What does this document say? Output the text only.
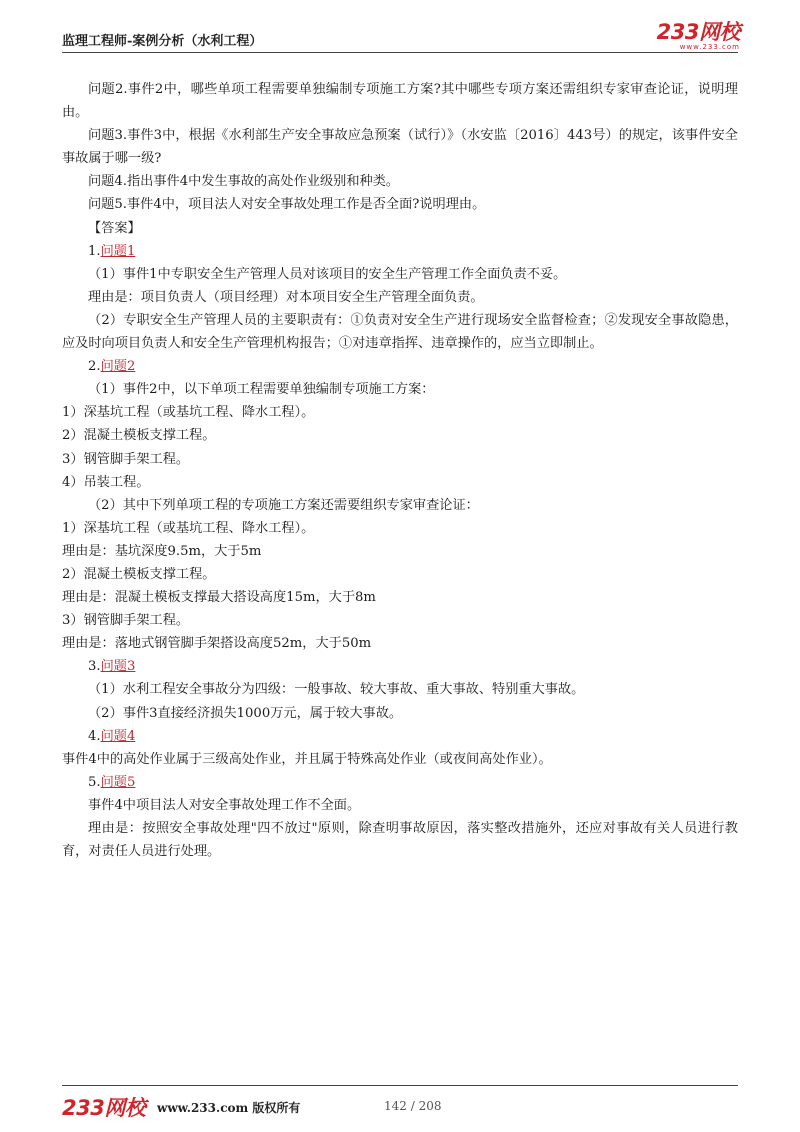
监理工程师-案例分析（水利工程）	233网校
www.233.com

问题2.事件2中，哪些单项工程需要单独编制专项施工方案?其中哪些专项方案还需组织专家审查论证，说明理由。

问题3.事件3中，根据《水利部生产安全事故应急预案（试行）》（水安监〔2016〕443号）的规定，该事件安全事故属于哪一级?

问题4.指出事件4中发生事故的高处作业级别和种类。

问题5.事件4中，项目法人对安全事故处理工作是否全面?说明理由。

【答案】

1.问题1

（1）事件1中专职安全生产管理人员对该项目的安全生产管理工作全面负责不妥。

理由是：项目负责人（项目经理）对本项目安全生产管理全面负责。

（2）专职安全生产管理人员的主要职责有：①负责对安全生产进行现场安全监督检查；②发现安全事故隐患，应及时向项目负责人和安全生产管理机构报告；①对违章指挥、违章操作的，应当立即制止。

2.问题2

（1）事件2中，以下单项工程需要单独编制专项施工方案：

1）深基坑工程（或基坑工程、降水工程）。

2）混凝土模板支撑工程。

3）钢管脚手架工程。

4）吊装工程。

（2）其中下列单项工程的专项施工方案还需要组织专家审查论证：

1）深基坑工程（或基坑工程、降水工程）。

理由是：基坑深度9.5m，大于5m

2）混凝土模板支撑工程。

理由是：混凝土模板支撑最大搭设高度15m，大于8m

3）钢管脚手架工程。

理由是：落地式钢管脚手架搭设高度52m，大于50m

3.问题3

（1）水利工程安全事故分为四级：一般事故、较大事故、重大事故、特别重大事故。

（2）事件3直接经济损失1000万元，属于较大事故。

4.问题4

事件4中的高处作业属于三级高处作业，并且属于特殊高处作业（或夜间高处作业）。

5.问题5

事件4中项目法人对安全事故处理工作不全面。

理由是：按照安全事故处理"四不放过"原则，除查明事故原因，落实整改措施外，还应对事故有关人员进行教育，对责任人员进行处理。

233网校 www.233.com 版权所有	142 / 208
